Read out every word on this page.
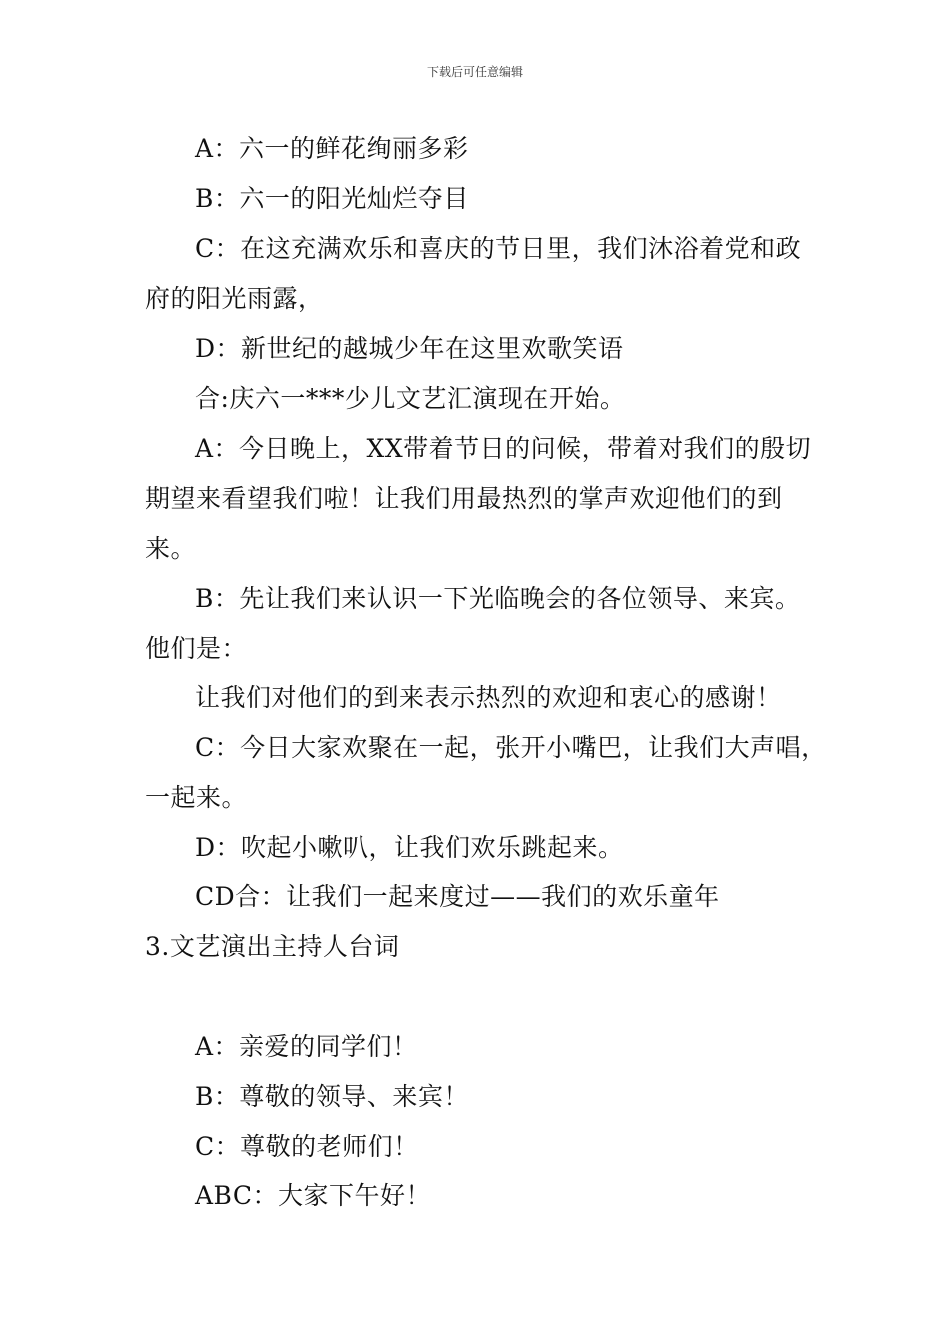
下载后可任意编辑
A：六一的鲜花绚丽多彩
B：六一的阳光灿烂夺目
C：在这充满欢乐和喜庆的节日里，我们沐浴着党和政
府的阳光雨露，
D：新世纪的越城少年在这里欢歌笑语
合:庆六一***少儿文艺汇演现在开始。
A：今日晚上，XX带着节日的问候，带着对我们的殷切
期望来看望我们啦！让我们用最热烈的掌声欢迎他们的到
来。
B：先让我们来认识一下光临晚会的各位领导、来宾。
他们是：
让我们对他们的到来表示热烈的欢迎和衷心的感谢！
C：今日大家欢聚在一起，张开小嘴巴，让我们大声唱，
一起来。
D：吹起小嗽叭，让我们欢乐跳起来。
CD合：让我们一起来度过——我们的欢乐童年
3.文艺演出主持人台词
A：亲爱的同学们！
B：尊敬的领导、来宾！
C：尊敬的老师们！
ABC：大家下午好！
